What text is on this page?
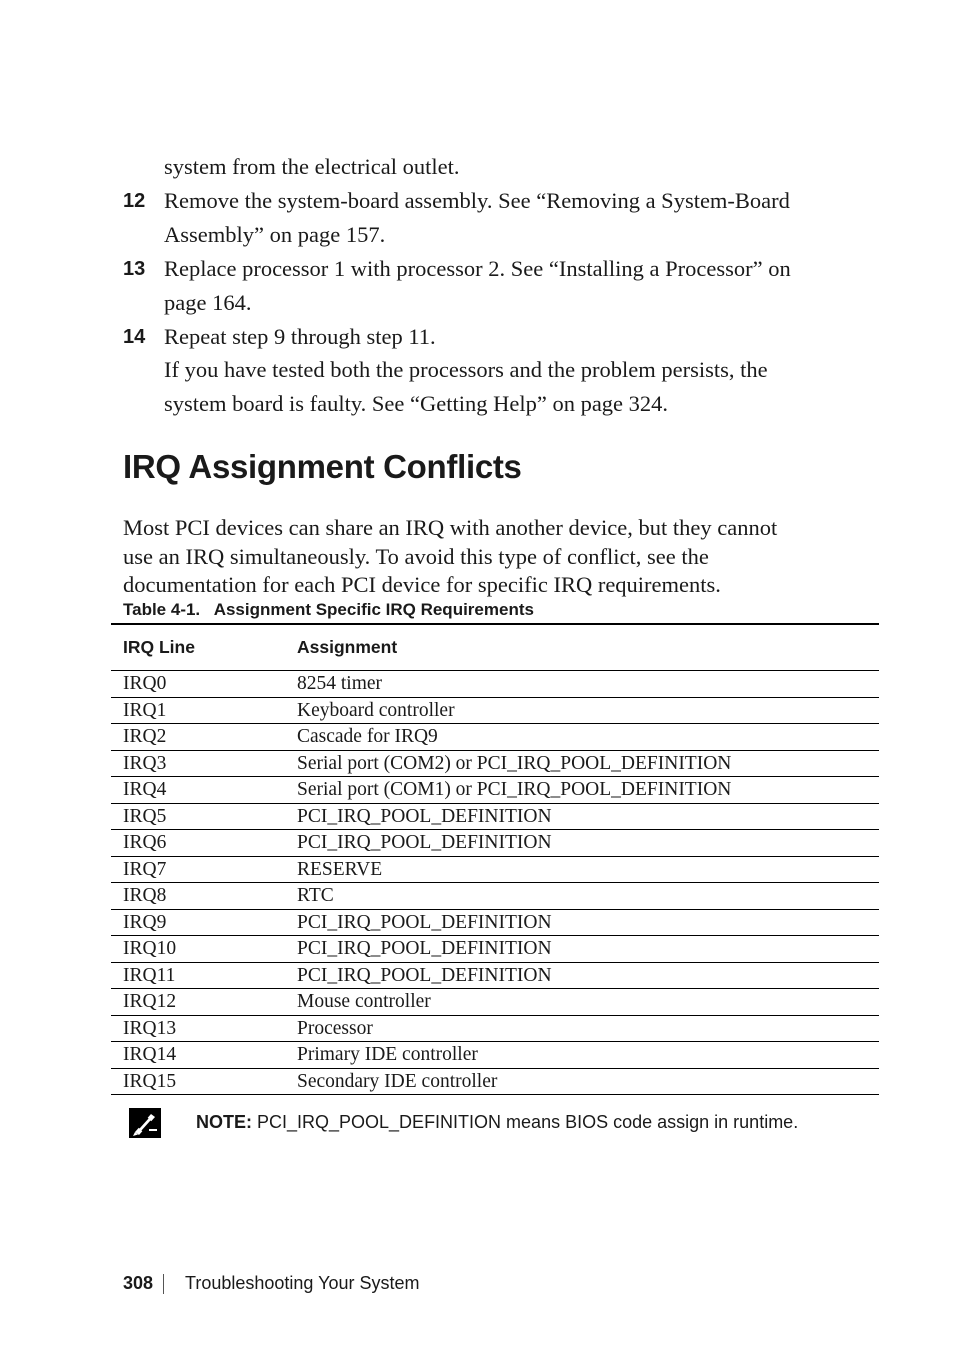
system from the electrical outlet.
12 Remove the system-board assembly. See “Removing a System-Board
Assembly” on page 157.
13 Replace processor 1 with processor 2. See “Installing a Processor” on
page 164.
14 Repeat step 9 through step 11.
If you have tested both the processors and the problem persists, the
system board is faulty. See “Getting Help” on page 324.
IRQ Assignment Conflicts
Most PCI devices can share an IRQ with another device, but they cannot
use an IRQ simultaneously. To avoid this type of conflict, see the
documentation for each PCI device for specific IRQ requirements.
Table 4-1.   Assignment Specific IRQ Requirements
IRQ Line	Assignment
IRQ0	8254 timer
IRQ1	Keyboard controller
IRQ2	Cascade for IRQ9
IRQ3	Serial port (COM2) or PCI_IRQ_POOL_DEFINITION
IRQ4	Serial port (COM1) or PCI_IRQ_POOL_DEFINITION
IRQ5	PCI_IRQ_POOL_DEFINITION
IRQ6	PCI_IRQ_POOL_DEFINITION
IRQ7	RESERVE
IRQ8	RTC
IRQ9	PCI_IRQ_POOL_DEFINITION
IRQ10	PCI_IRQ_POOL_DEFINITION
IRQ11	PCI_IRQ_POOL_DEFINITION
IRQ12	Mouse controller
IRQ13	Processor
IRQ14	Primary IDE controller
IRQ15	Secondary IDE controller
NOTE: PCI_IRQ_POOL_DEFINITION means BIOS code assign in runtime.
308 Troubleshooting Your System
